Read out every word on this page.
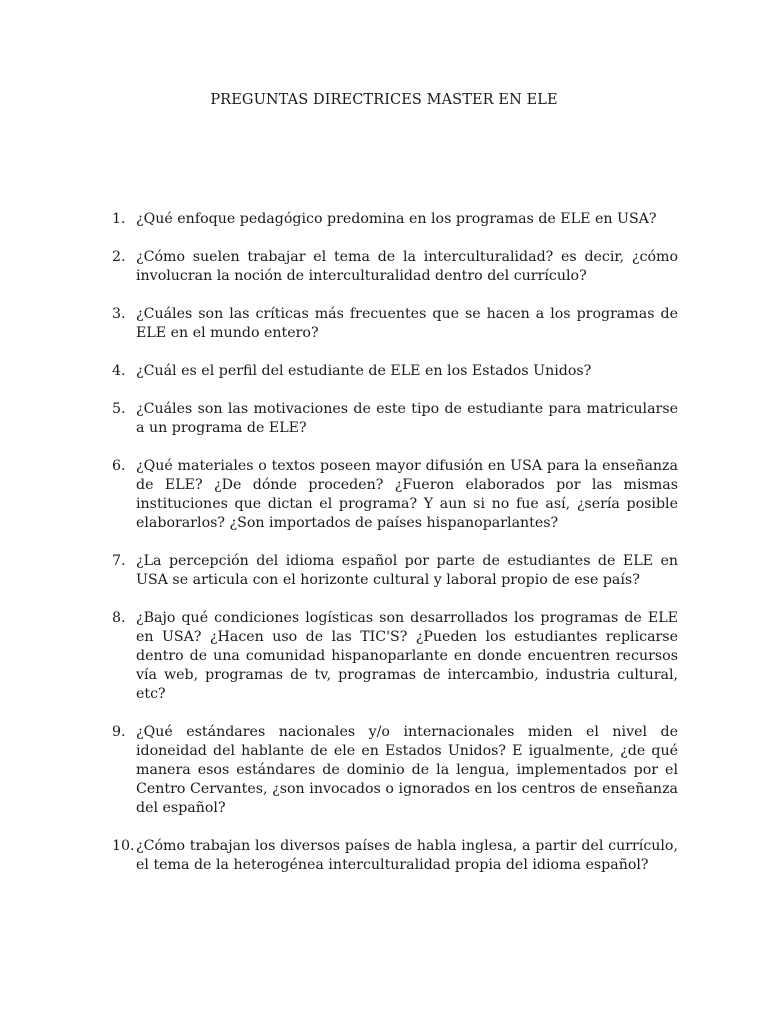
PREGUNTAS DIRECTRICES MASTER EN ELE
1. ¿Qué enfoque pedagógico predomina en los programas de ELE en USA?
2. ¿Cómo suelen trabajar el tema de la interculturalidad? es decir, ¿cómo involucran la noción de interculturalidad dentro del currículo?
3. ¿Cuáles son las críticas más frecuentes que se hacen a los programas de ELE en el mundo entero?
4. ¿Cuál es el perfil del estudiante de ELE en los Estados Unidos?
5. ¿Cuáles son las motivaciones de este tipo de estudiante para matricularse a un programa de ELE?
6. ¿Qué materiales o textos poseen mayor difusión en USA para la enseñanza de ELE? ¿De dónde proceden? ¿Fueron elaborados por las mismas instituciones que dictan el programa? Y aun si no fue así, ¿sería posible elaborarlos? ¿Son importados de países hispanoparlantes?
7. ¿La percepción del idioma español por parte de estudiantes de ELE en USA se articula con el horizonte cultural y laboral propio de ese país?
8. ¿Bajo qué condiciones logísticas son desarrollados los programas de ELE en USA? ¿Hacen uso de las TIC'S? ¿Pueden los estudiantes replicarse dentro de una comunidad hispanoparlante en donde encuentren recursos vía web, programas de tv, programas de intercambio, industria cultural, etc?
9. ¿Qué estándares nacionales y/o internacionales miden el nivel de idoneidad del hablante de ele en Estados Unidos? E igualmente, ¿de qué manera esos estándares de dominio de la lengua, implementados por el Centro Cervantes, ¿son invocados o ignorados en los centros de enseñanza del español?
10. ¿Cómo trabajan los diversos países de habla inglesa, a partir del currículo, el tema de la heterogénea interculturalidad propia del idioma español?
